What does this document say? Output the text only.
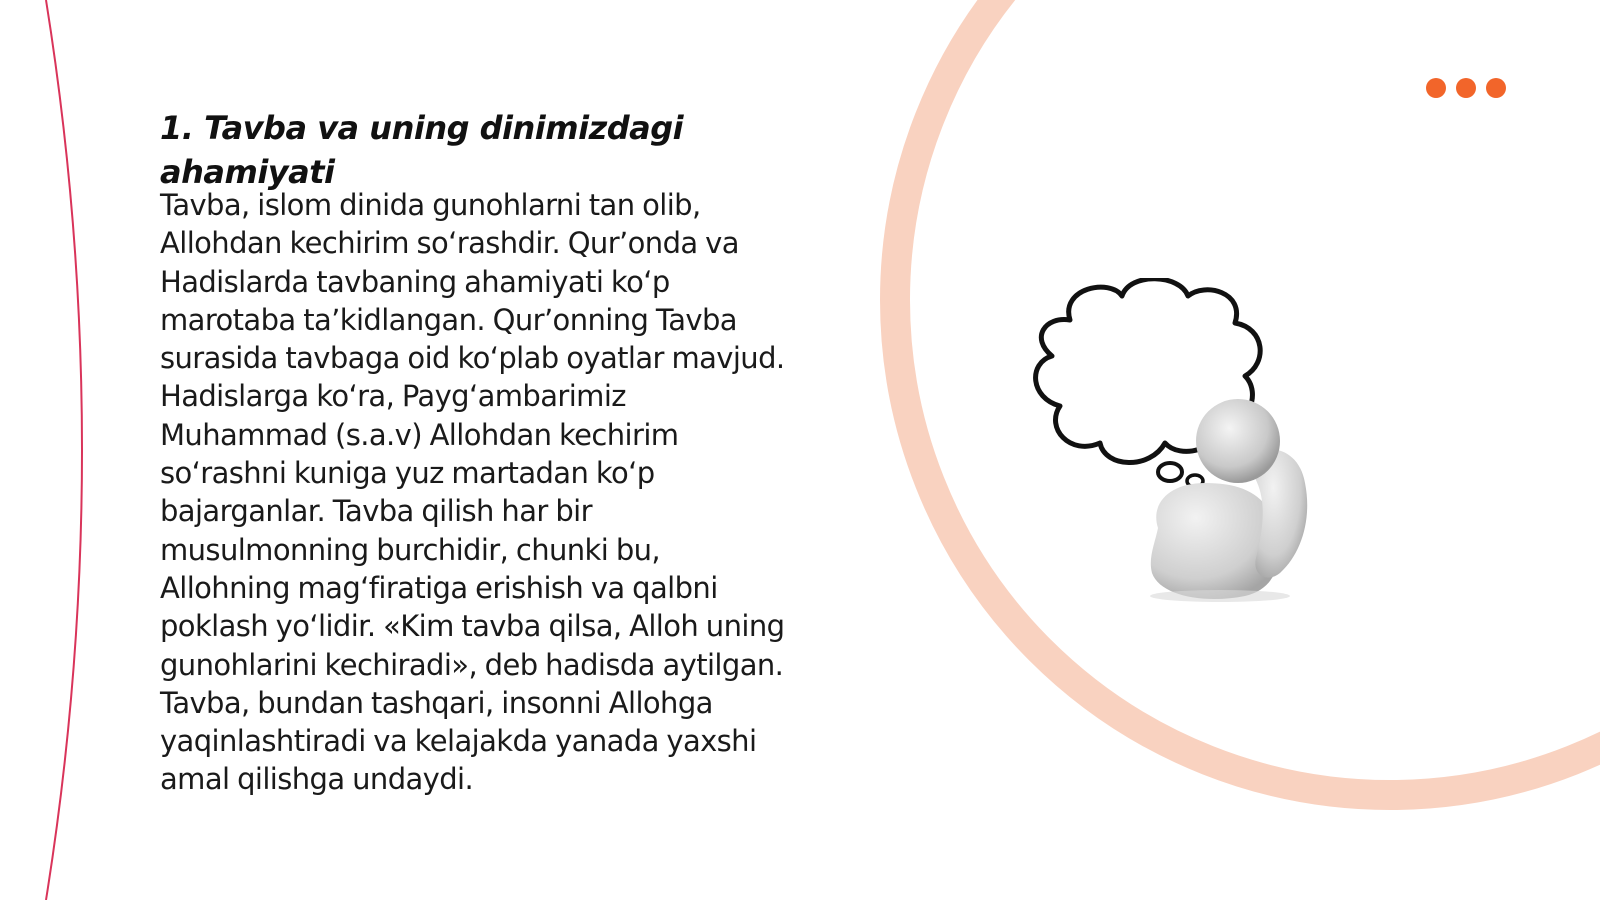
1. Tavba va uning dinimizdagi
ahamiyati
Tavba, islom dinida gunohlarni tan olib,
Allohdan kechirim so‘rashdir. Qur’onda va
Hadislarda tavbaning ahamiyati ko‘p
marotaba ta’kidlangan. Qur’onning Tavba
surasida tavbaga oid ko‘plab oyatlar mavjud.
Hadislarga ko‘ra, Payg‘ambarimiz
Muhammad (s.a.v) Allohdan kechirim
so‘rashni kuniga yuz martadan ko‘p
bajarganlar. Tavba qilish har bir
musulmonning burchidir, chunki bu,
Allohning mag‘firatiga erishish va qalbni
poklash yo‘lidir. «Kim tavba qilsa, Alloh uning
gunohlarini kechiradi», deb hadisda aytilgan.
Tavba, bundan tashqari, insonni Allohga
yaqinlashtiradi va kelajakda yanada yaxshi
amal qilishga undaydi.
